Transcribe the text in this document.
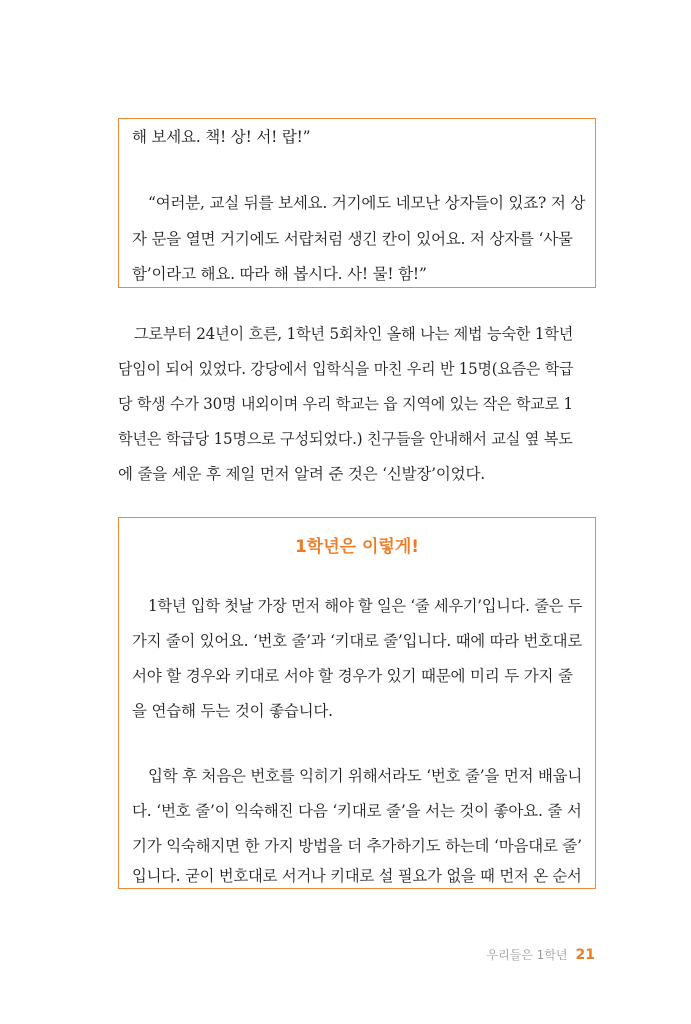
해 보세요. 책! 상! 서! 랍!”
“여러분, 교실 뒤를 보세요. 거기에도 네모난 상자들이 있죠? 저 상
자 문을 열면 거기에도 서랍처럼 생긴 칸이 있어요. 저 상자를 ‘사물
함’이라고 해요. 따라 해 봅시다. 사! 물! 함!”
그로부터 24년이 흐른, 1학년 5회차인 올해 나는 제법 능숙한 1학년
담임이 되어 있었다. 강당에서 입학식을 마친 우리 반 15명(요즘은 학급
당 학생 수가 30명 내외이며 우리 학교는 읍 지역에 있는 작은 학교로 1
학년은 학급당 15명으로 구성되었다.) 친구들을 안내해서 교실 옆 복도
에 줄을 세운 후 제일 먼저 알려 준 것은 ‘신발장’이었다.
1학년은 이렇게!
1학년 입학 첫날 가장 먼저 해야 할 일은 ‘줄 세우기’입니다. 줄은 두
가지 줄이 있어요. ‘번호 줄’과 ‘키대로 줄’입니다. 때에 따라 번호대로
서야 할 경우와 키대로 서야 할 경우가 있기 때문에 미리 두 가지 줄
을 연습해 두는 것이 좋습니다.
입학 후 처음은 번호를 익히기 위해서라도 ‘번호 줄’을 먼저 배웁니
다. ‘번호 줄’이 익숙해진 다음 ‘키대로 줄’을 서는 것이 좋아요. 줄 서
기가 익숙해지면 한 가지 방법을 더 추가하기도 하는데 ‘마음대로 줄’
입니다. 굳이 번호대로 서거나 키대로 설 필요가 없을 때 먼저 온 순서
우리들은 1학년 21
